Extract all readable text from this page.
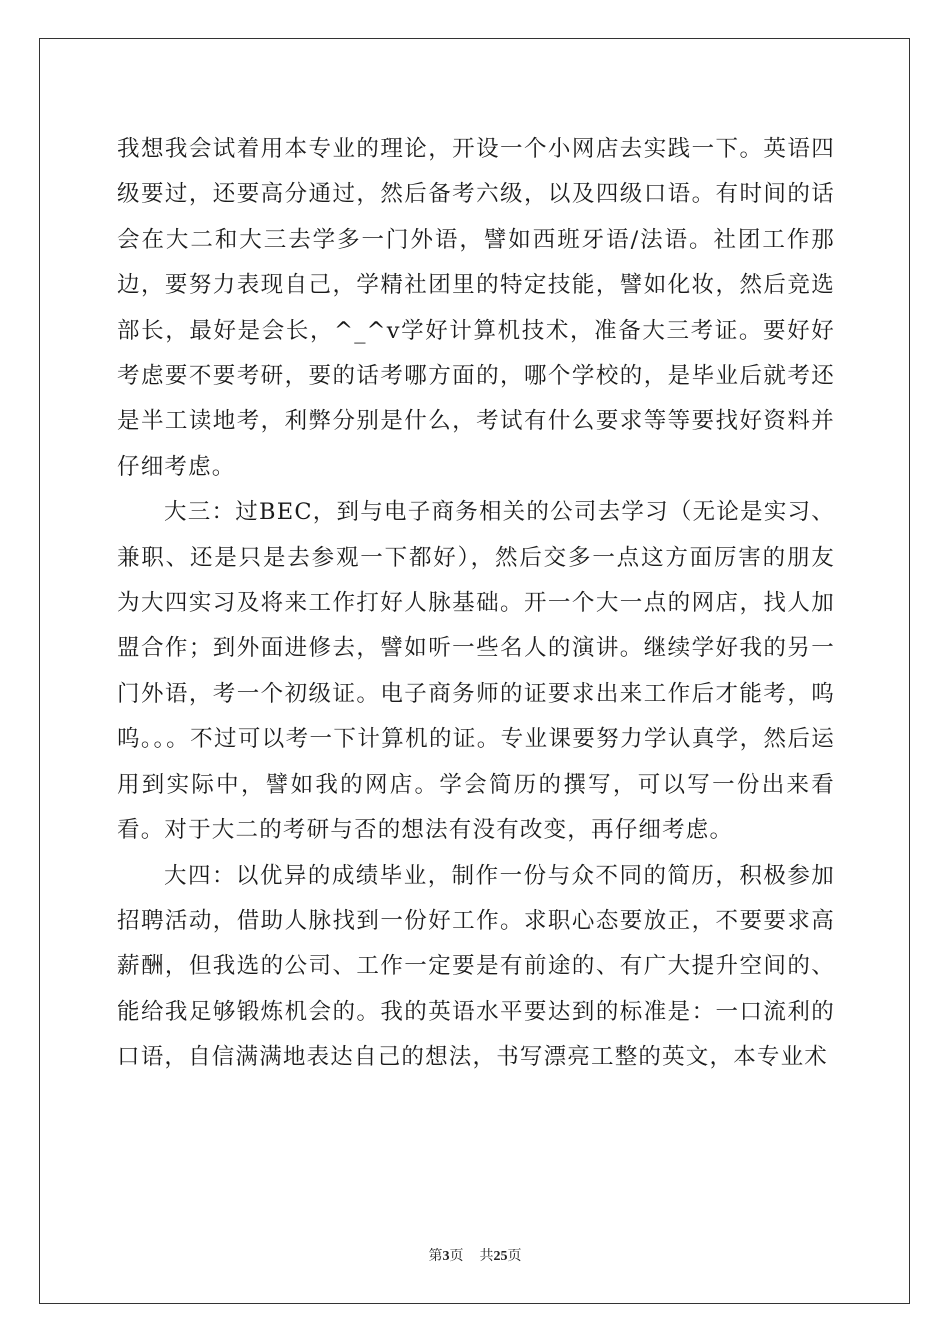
我想我会试着用本专业的理论，开设一个小网店去实践一下。英语四级要过，还要高分通过，然后备考六级，以及四级口语。有时间的话会在大二和大三去学多一门外语，譬如西班牙语/法语。社团工作那边，要努力表现自己，学精社团里的特定技能，譬如化妆，然后竞选部长，最好是会长，^_^v学好计算机技术，准备大三考证。要好好考虑要不要考研，要的话考哪方面的，哪个学校的，是毕业后就考还是半工读地考，利弊分别是什么，考试有什么要求等等要找好资料并仔细考虑。

大三：过BEC，到与电子商务相关的公司去学习（无论是实习、兼职、还是只是去参观一下都好），然后交多一点这方面厉害的朋友为大四实习及将来工作打好人脉基础。开一个大一点的网店，找人加盟合作；到外面进修去，譬如听一些名人的演讲。继续学好我的另一门外语，考一个初级证。电子商务师的证要求出来工作后才能考，呜呜。。。不过可以考一下计算机的证。专业课要努力学认真学，然后运用到实际中，譬如我的网店。学会简历的撰写，可以写一份出来看看。对于大二的考研与否的想法有没有改变，再仔细考虑。

大四：以优异的成绩毕业，制作一份与众不同的简历，积极参加招聘活动，借助人脉找到一份好工作。求职心态要放正，不要要求高薪酬，但我选的公司、工作一定要是有前途的、有广大提升空间的、能给我足够锻炼机会的。我的英语水平要达到的标准是：一口流利的口语，自信满满地表达自己的想法，书写漂亮工整的英文，本专业术

第3页 共25页
